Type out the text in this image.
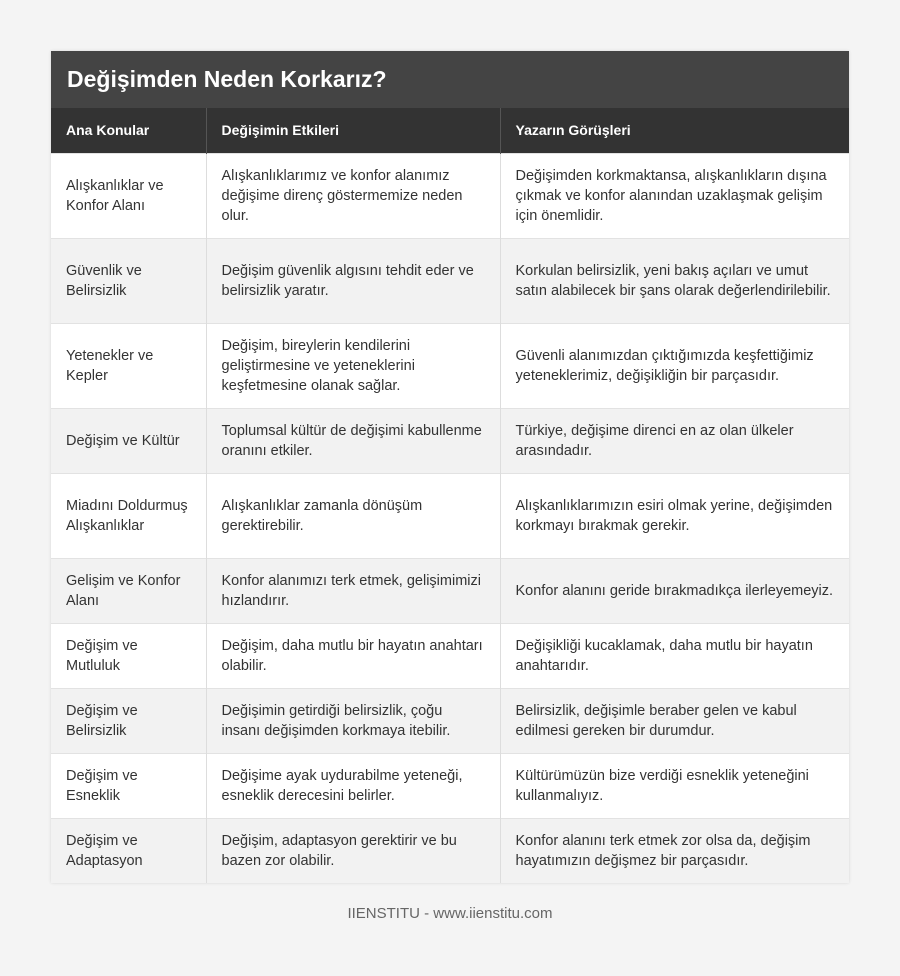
Değişimden Neden Korkarız?
Ana Konular	Değişimin Etkileri	Yazarın Görüşleri
Alışkanlıklar ve Konfor Alanı	Alışkanlıklarımız ve konfor alanımız değişime direnç göstermemize neden olur.	Değişimden korkmaktansa, alışkanlıkların dışına çıkmak ve konfor alanından uzaklaşmak gelişim için önemlidir.
Güvenlik ve Belirsizlik	Değişim güvenlik algısını tehdit eder ve belirsizlik yaratır.	Korkulan belirsizlik, yeni bakış açıları ve umut satın alabilecek bir şans olarak değerlendirilebilir.
Yetenekler ve Kepler	Değişim, bireylerin kendilerini geliştirmesine ve yeteneklerini keşfetmesine olanak sağlar.	Güvenli alanımızdan çıktığımızda keşfettiğimiz yeteneklerimiz, değişikliğin bir parçasıdır.
Değişim ve Kültür	Toplumsal kültür de değişimi kabullenme oranını etkiler.	Türkiye, değişime direnci en az olan ülkeler arasındadır.
Miadını Doldurmuş Alışkanlıklar	Alışkanlıklar zamanla dönüşüm gerektirebilir.	Alışkanlıklarımızın esiri olmak yerine, değişimden korkmayı bırakmak gerekir.
Gelişim ve Konfor Alanı	Konfor alanımızı terk etmek, gelişimimizi hızlandırır.	Konfor alanını geride bırakmadıkça ilerleyemeyiz.
Değişim ve Mutluluk	Değişim, daha mutlu bir hayatın anahtarı olabilir.	Değişikliği kucaklamak, daha mutlu bir hayatın anahtarıdır.
Değişim ve Belirsizlik	Değişimin getirdiği belirsizlik, çoğu insanı değişimden korkmaya itebilir.	Belirsizlik, değişimle beraber gelen ve kabul edilmesi gereken bir durumdur.
Değişim ve Esneklik	Değişime ayak uydurabilme yeteneği, esneklik derecesini belirler.	Kültürümüzün bize verdiği esneklik yeteneğini kullanmalıyız.
Değişim ve Adaptasyon	Değişim, adaptasyon gerektirir ve bu bazen zor olabilir.	Konfor alanını terk etmek zor olsa da, değişim hayatımızın değişmez bir parçasıdır.
IIENSTITU - www.iienstitu.com
